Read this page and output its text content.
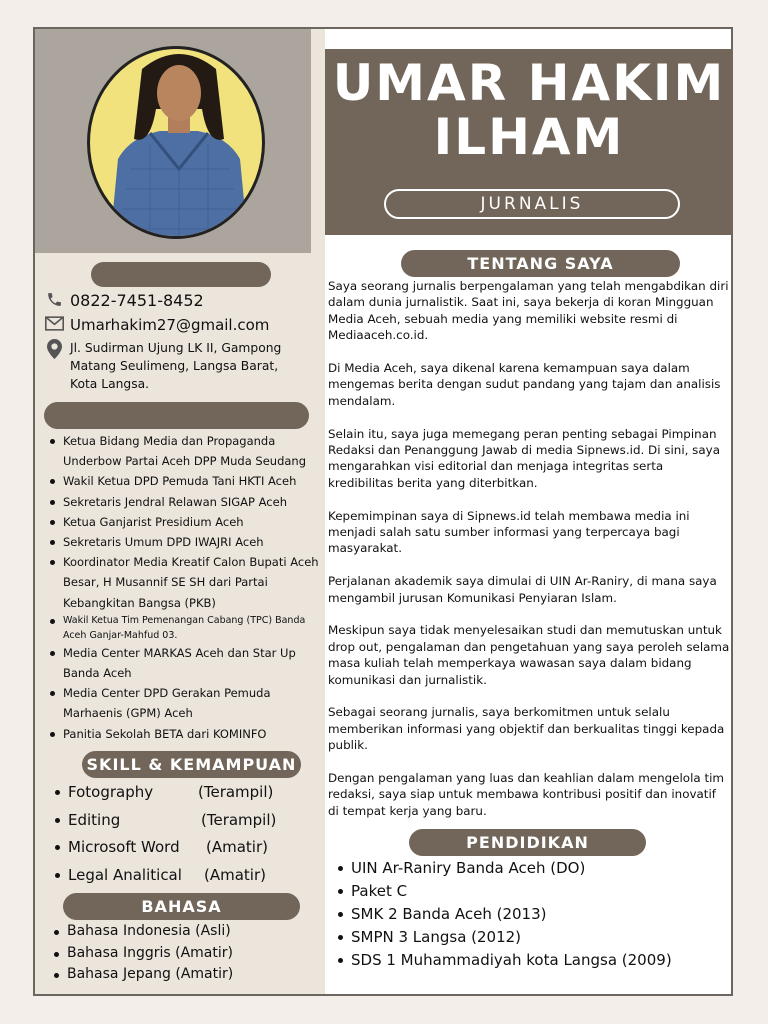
UMAR HAKIM
ILHAM
JURNALIS
0822-7451-8452
Umarhakim27@gmail.com
Jl. Sudirman Ujung LK II, Gampong
Matang Seulimeng, Langsa Barat,
Kota Langsa.
Ketua Bidang Media dan Propaganda Underbow Partai Aceh DPP Muda Seudang
Wakil Ketua DPD Pemuda Tani HKTI Aceh
Sekretaris Jendral Relawan SIGAP Aceh
Ketua Ganjarist Presidium Aceh
Sekretaris Umum DPD IWAJRI Aceh
Koordinator Media Kreatif Calon Bupati Aceh Besar, H Musannif SE SH dari Partai Kebangkitan Bangsa (PKB)
Wakil Ketua Tim Pemenangan Cabang (TPC) Banda Aceh Ganjar-Mahfud 03.
Media Center MARKAS Aceh dan Star Up Banda Aceh
Media Center DPD Gerakan Pemuda Marhaenis (GPM) Aceh
Panitia Sekolah BETA dari KOMINFO
SKILL & KEMAMPUAN
Fotography	(Terampil)
Editing	(Terampil)
Microsoft Word	(Amatir)
Legal Analitical	(Amatir)
BAHASA
Bahasa Indonesia (Asli)
Bahasa Inggris (Amatir)
Bahasa Jepang (Amatir)
TENTANG SAYA

Saya seorang jurnalis berpengalaman yang telah mengabdikan diri dalam dunia jurnalistik. Saat ini, saya bekerja di koran Mingguan Media Aceh, sebuah media yang memiliki website resmi di Mediaaceh.co.id.

Di Media Aceh, saya dikenal karena kemampuan saya dalam mengemas berita dengan sudut pandang yang tajam dan analisis mendalam.

Selain itu, saya juga memegang peran penting sebagai Pimpinan Redaksi dan Penanggung Jawab di media Sipnews.id. Di sini, saya mengarahkan visi editorial dan menjaga integritas serta kredibilitas berita yang diterbitkan.

Kepemimpinan saya di Sipnews.id telah membawa media ini menjadi salah satu sumber informasi yang terpercaya bagi masyarakat.

Perjalanan akademik saya dimulai di UIN Ar-Raniry, di mana saya mengambil jurusan Komunikasi Penyiaran Islam.

Meskipun saya tidak menyelesaikan studi dan memutuskan untuk drop out, pengalaman dan pengetahuan yang saya peroleh selama masa kuliah telah memperkaya wawasan saya dalam bidang komunikasi dan jurnalistik.

Sebagai seorang jurnalis, saya berkomitmen untuk selalu memberikan informasi yang objektif dan berkualitas tinggi kepada publik.

Dengan pengalaman yang luas dan keahlian dalam mengelola tim redaksi, saya siap untuk membawa kontribusi positif dan inovatif di tempat kerja yang baru.

PENDIDIKAN
UIN Ar-Raniry Banda Aceh (DO)
Paket C
SMK 2 Banda Aceh (2013)
SMPN 3 Langsa (2012)
SDS 1 Muhammadiyah kota Langsa (2009)
